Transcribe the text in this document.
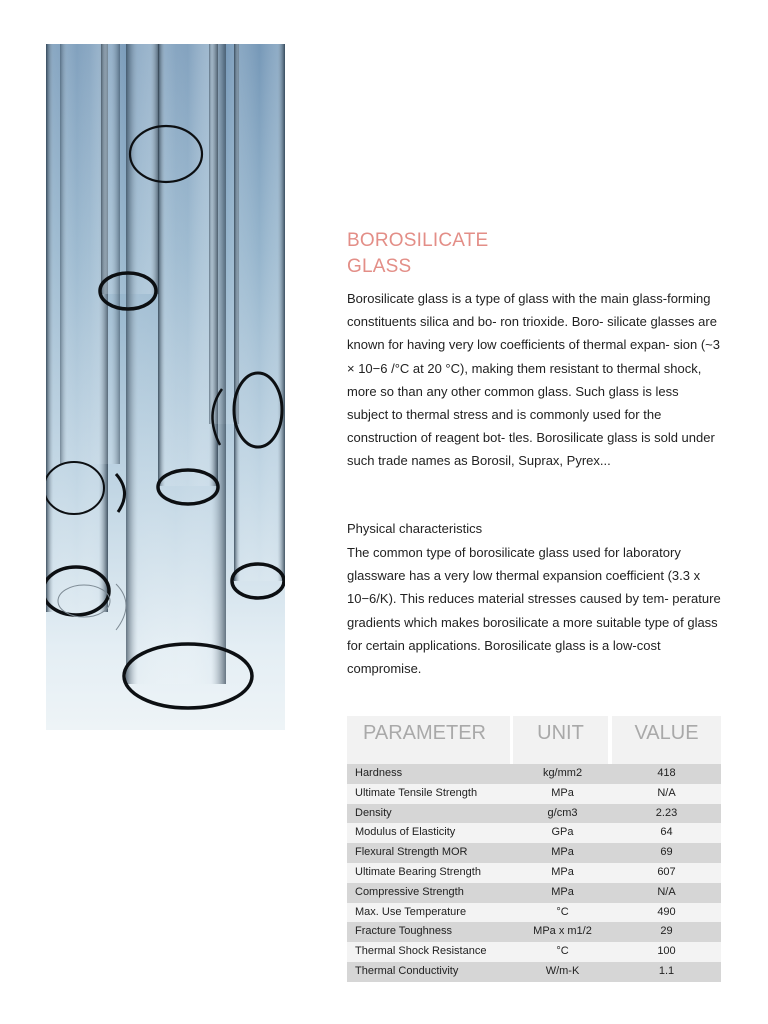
BOROSILICATE
GLASS

Borosilicate glass is a type of glass with the main glass-forming constituents silica and bo- ron trioxide. Boro- silicate glasses are known for having very low coefficients of thermal expan- sion (~3 × 10−6 /°C at 20 °C), making them resistant to thermal shock, more so than any other common glass. Such glass is less subject to thermal stress and is commonly used for the construction of reagent bot- tles. Borosilicate glass is sold under such trade names as Borosil, Suprax, Pyrex...

Physical characteristics

The common type of borosilicate glass used for laboratory glassware has a very low thermal expansion coefficient (3.3 x 10−6/K). This reduces material stresses caused by tem- perature gradients which makes borosilicate a more suitable type of glass for certain applications. Borosilicate glass is a low-cost compromise.

PARAMETER	UNIT	VALUE
Hardness	kg/mm2	418
Ultimate Tensile Strength	MPa	N/A
Density	g/cm3	2.23
Modulus of Elasticity	GPa	64
Flexural Strength MOR	MPa	69
Ultimate Bearing Strength	MPa	607
Compressive Strength	MPa	N/A
Max. Use Temperature	°C	490
Fracture Toughness	MPa x m1/2	29
Thermal Shock Resistance	°C	100
Thermal Conductivity	W/m-K	1.1
